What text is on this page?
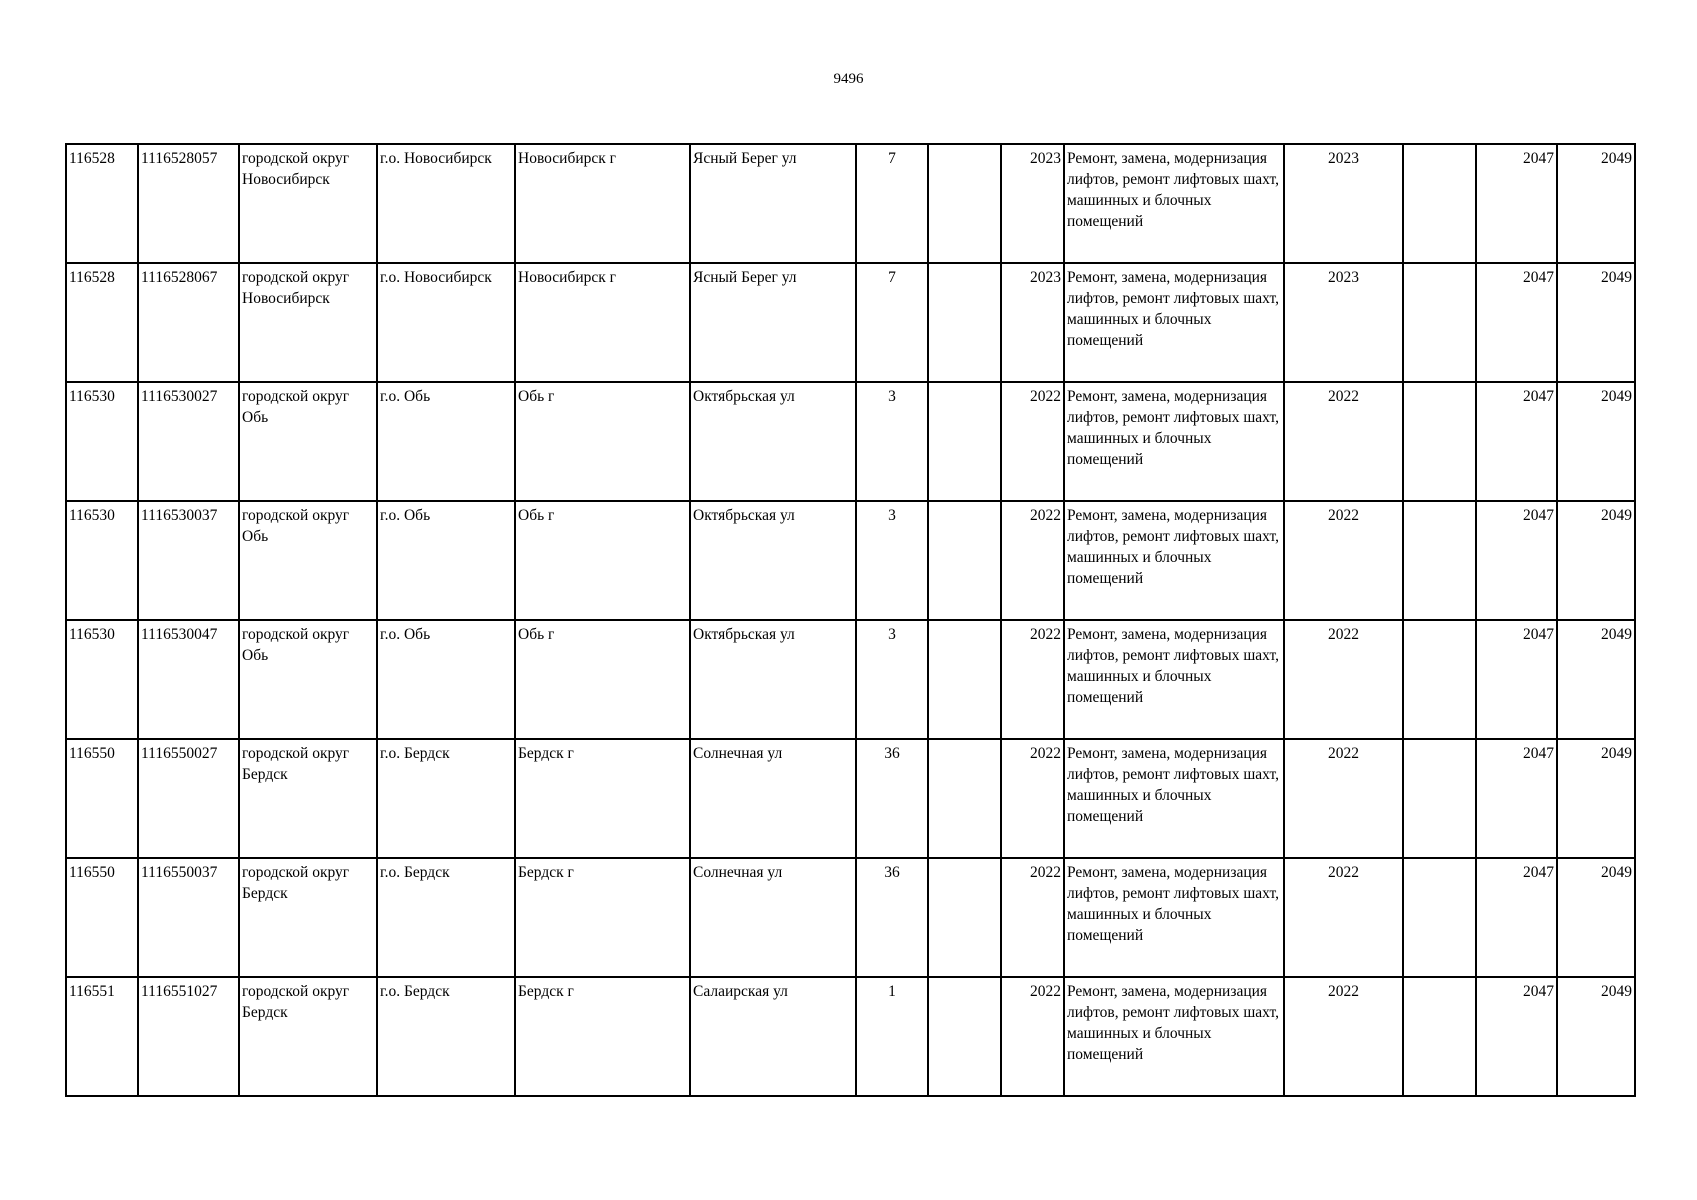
9496
116528	1116528057	городской округ Новосибирск	г.о. Новосибирск	Новосибирск г	Ясный Берег ул	7		2023	Ремонт, замена, модернизация лифтов, ремонт лифтовых шахт, машинных и блочных помещений	2023		2047	2049
116528	1116528067	городской округ Новосибирск	г.о. Новосибирск	Новосибирск г	Ясный Берег ул	7		2023	Ремонт, замена, модернизация лифтов, ремонт лифтовых шахт, машинных и блочных помещений	2023		2047	2049
116530	1116530027	городской округ Обь	г.о. Обь	Обь г	Октябрьская ул	3		2022	Ремонт, замена, модернизация лифтов, ремонт лифтовых шахт, машинных и блочных помещений	2022		2047	2049
116530	1116530037	городской округ Обь	г.о. Обь	Обь г	Октябрьская ул	3		2022	Ремонт, замена, модернизация лифтов, ремонт лифтовых шахт, машинных и блочных помещений	2022		2047	2049
116530	1116530047	городской округ Обь	г.о. Обь	Обь г	Октябрьская ул	3		2022	Ремонт, замена, модернизация лифтов, ремонт лифтовых шахт, машинных и блочных помещений	2022		2047	2049
116550	1116550027	городской округ Бердск	г.о. Бердск	Бердск г	Солнечная ул	36		2022	Ремонт, замена, модернизация лифтов, ремонт лифтовых шахт, машинных и блочных помещений	2022		2047	2049
116550	1116550037	городской округ Бердск	г.о. Бердск	Бердск г	Солнечная ул	36		2022	Ремонт, замена, модернизация лифтов, ремонт лифтовых шахт, машинных и блочных помещений	2022		2047	2049
116551	1116551027	городской округ Бердск	г.о. Бердск	Бердск г	Салаирская ул	1		2022	Ремонт, замена, модернизация лифтов, ремонт лифтовых шахт, машинных и блочных помещений	2022		2047	2049
